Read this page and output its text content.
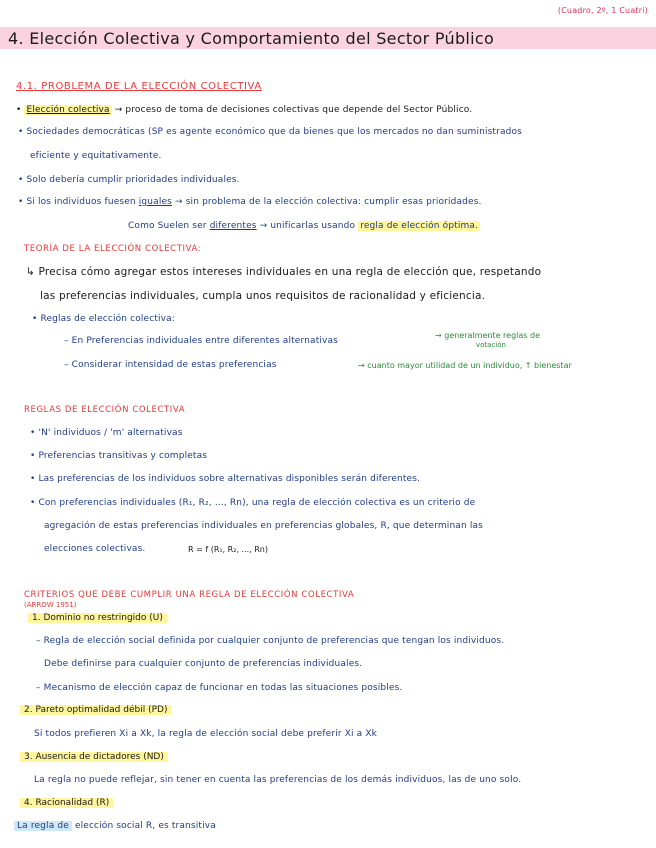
(Cuadro, 2º, 1 Cuatri)
4. Elección Colectiva y Comportamiento del Sector Público
4.1. PROBLEMA DE LA ELECCIÓN COLECTIVA
• Elección colectiva → proceso de toma de decisiones colectivas que depende del Sector Público.
• Sociedades democráticas (SP es agente económico que da bienes que los mercados no dan suministrados
eficiente y equitativamente.
• Solo debería cumplir prioridades individuales.
• Si los individuos fuesen iguales → sin problema de la elección colectiva: cumplir esas prioridades.
Como Suelen ser diferentes → unificarlas usando regla de elección óptima.
TEORÍA DE LA ELECCIÓN COLECTIVA:
↳ Precisa cómo agregar estos intereses individuales en una regla de elección que, respetando
las preferencias individuales, cumpla unos requisitos de racionalidad y eficiencia.
• Reglas de elección colectiva:
– En Preferencias individuales entre diferentes alternativas
→ generalmente reglas de
votación
– Considerar intensidad de estas preferencias	→ cuanto mayor utilidad de un individuo, ↑ bienestar
REGLAS DE ELECCIÓN COLECTIVA
• 'N' individuos / 'm' alternativas
• Preferencias transitivas y completas
• Las preferencias de los individuos sobre alternativas disponibles serán diferentes.
• Con preferencias individuales (R₁, R₂, ..., Rn), una regla de elección colectiva es un criterio de
agregación de estas preferencias individuales en preferencias globales, R, que determinan las
elecciones colectivas.	R = f (R₁, R₂, ..., Rn)
CRITERIOS QUE DEBE CUMPLIR UNA REGLA DE ELECCIÓN COLECTIVA
(ARROW 1951)
1. Dominio no restringido (U)
– Regla de elección social definida por cualquier conjunto de preferencias que tengan los individuos.
Debe definirse para cualquier conjunto de preferencias individuales.
– Mecanismo de elección capaz de funcionar en todas las situaciones posibles.
2. Pareto optimalidad débil (PD)
Si todos prefieren Xi a Xk, la regla de elección social debe preferir Xi a Xk
3. Ausencia de dictadores (ND)
La regla no puede reflejar, sin tener en cuenta las preferencias de los demás individuos, las de uno solo.
4. Racionalidad (R)
La regla de elección social R, es transitiva
